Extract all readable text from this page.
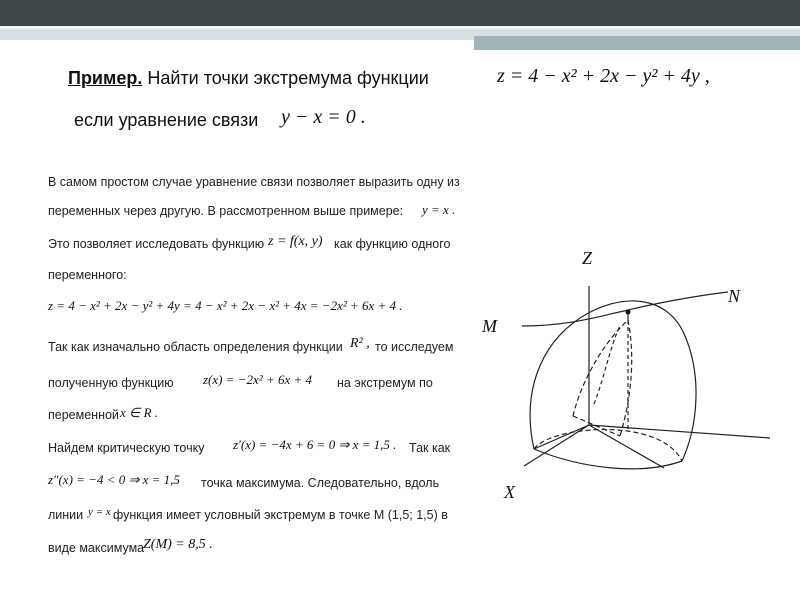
Пример. Найти точки экстремума функции	z = 4 − x² + 2x − y² + 4y ,
если уравнение связи y − x = 0 .
В самом простом случае уравнение связи позволяет выразить одну из
переменных через другую. В рассмотренном выше примере: y = x .
Это позволяет исследовать функцию z = f(x, y) как функцию одного
переменного:
z = 4 − x² + 2x − y² + 4y = 4 − x² + 2x − x² + 4x = −2x² + 6x + 4 .
Так как изначально область определения функции R² , то исследуем
полученную функцию z(x) = −2x² + 6x + 4 на экстремум по
переменной x ∈ R .
Найдем критическую точку z′(x) = −4x + 6 = 0 ⇒ x = 1,5 . Так как
z″(x) = −4 < 0 ⇒ x = 1,5 точка максимума. Следовательно, вдоль
линии y = x функция имеет условный экстремум в точке М (1,5; 1,5) в
виде максимума
Z(M) = 8,5 .
Z
N
M
X
